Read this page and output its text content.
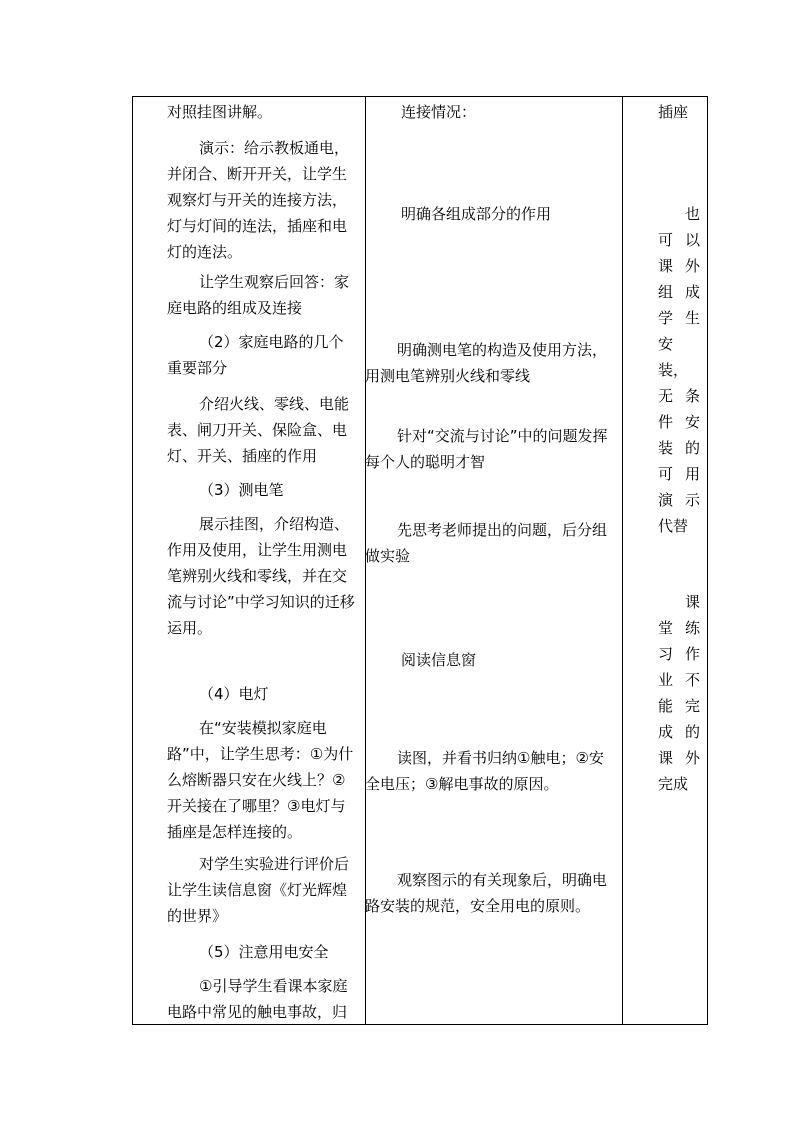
对照挂图讲解。

演示：给示教板通电，并闭合、断开开关，让学生观察灯与开关的连接方法，灯与灯间的连法，插座和电灯的连法。

让学生观察后回答：家庭电路的组成及连接

（2）家庭电路的几个重要部分

介绍火线、零线、电能表、闸刀开关、保险盒、电灯、开关、插座的作用

（3）测电笔

展示挂图，介绍构造、作用及使用，让学生用测电笔辨别火线和零线，并在交流与讨论”中学习知识的迁移运用。

（4）电灯

在“安装模拟家庭电路”中，让学生思考：①为什么熔断器只安在火线上？②开关接在了哪里？③电灯与插座是怎样连接的。

对学生实验进行评价后让学生读信息窗《灯光辉煌的世界》

（5）注意用电安全

①引导学生看课本家庭电路中常见的触电事故，归

连接情况：

明确各组成部分的作用

明确测电笔的构造及使用方法，用测电笔辨别火线和零线

针对“交流与讨论”中的问题发挥每个人的聪明才智

先思考老师提出的问题，后分组做实验

阅读信息窗

读图，并看书归纳①触电；②安全电压；③解电事故的原因。

观察图示的有关现象后，明确电路安装的规范，安全用电的原则。

插座
也
可 以
课 外
组 成
学 生
安装，
无 条
件 安
装 的
可 用
演 示
代替
课
堂 练
习 作
业 不
能 完
成 的
课 外
完成
